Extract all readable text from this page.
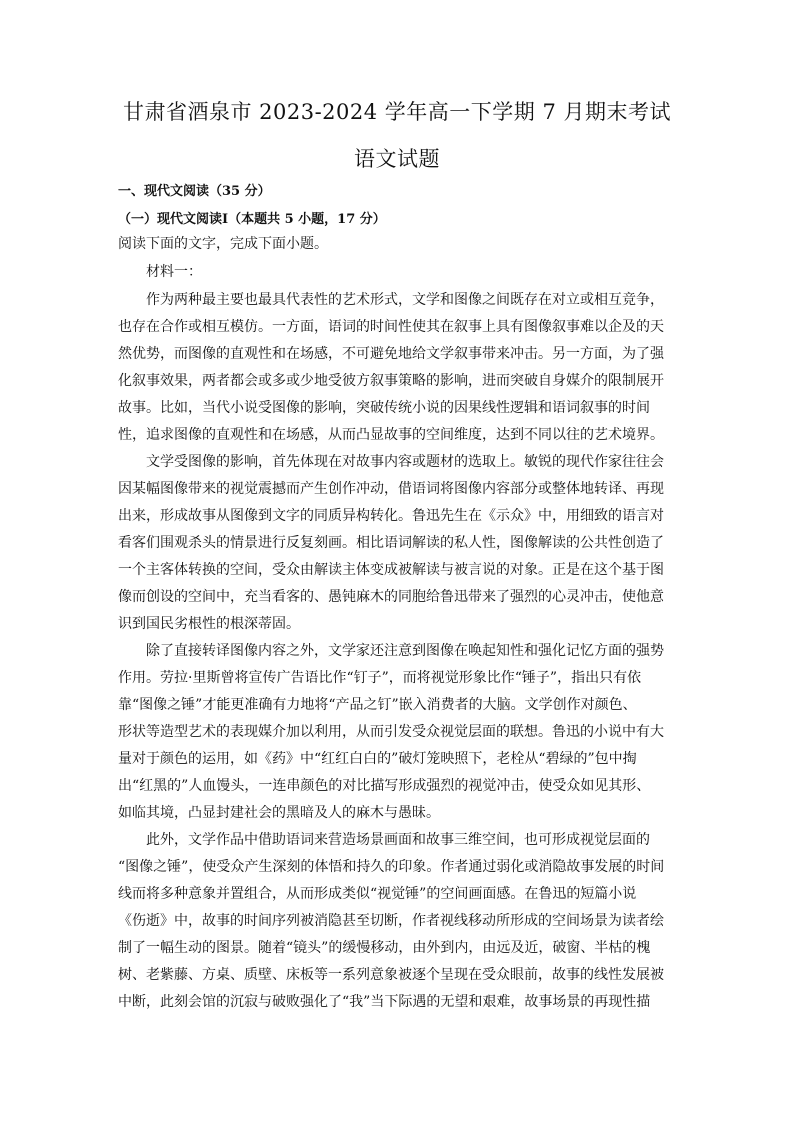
甘肃省酒泉市 2023-2024 学年高一下学期 7 月期末考试
语文试题
一、现代文阅读（35 分）
（一）现代文阅读Ⅰ（本题共 5 小题，17 分）
阅读下面的文字，完成下面小题。
材料一：
作为两种最主要也最具代表性的艺术形式，文学和图像之间既存在对立或相互竞争，
也存在合作或相互模仿。一方面，语词的时间性使其在叙事上具有图像叙事难以企及的天
然优势，而图像的直观性和在场感，不可避免地给文学叙事带来冲击。另一方面，为了强
化叙事效果，两者都会或多或少地受彼方叙事策略的影响，进而突破自身媒介的限制展开
故事。比如，当代小说受图像的影响，突破传统小说的因果线性逻辑和语词叙事的时间
性，追求图像的直观性和在场感，从而凸显故事的空间维度，达到不同以往的艺术境界。
文学受图像的影响，首先体现在对故事内容或题材的选取上。敏锐的现代作家往往会
因某幅图像带来的视觉震撼而产生创作冲动，借语词将图像内容部分或整体地转译、再现
出来，形成故事从图像到文字的同质异构转化。鲁迅先生在《示众》中，用细致的语言对
看客们围观杀头的情景进行反复刻画。相比语词解读的私人性，图像解读的公共性创造了
一个主客体转换的空间，受众由解读主体变成被解读与被言说的对象。正是在这个基于图
像而创设的空间中，充当看客的、愚钝麻木的同胞给鲁迅带来了强烈的心灵冲击，使他意
识到国民劣根性的根深蒂固。
除了直接转译图像内容之外，文学家还注意到图像在唤起知性和强化记忆方面的强势
作用。劳拉·里斯曾将宣传广告语比作“钉子”，而将视觉形象比作“锤子”，指出只有依
靠“图像之锤”才能更准确有力地将“产品之钉”嵌入消费者的大脑。文学创作对颜色、
形状等造型艺术的表现媒介加以利用，从而引发受众视觉层面的联想。鲁迅的小说中有大
量对于颜色的运用，如《药》中“红红白白的”破灯笼映照下，老栓从“碧绿的”包中掏
出“红黑的”人血馒头，一连串颜色的对比描写形成强烈的视觉冲击，使受众如见其形、
如临其境，凸显封建社会的黑暗及人的麻木与愚昧。
此外，文学作品中借助语词来营造场景画面和故事三维空间，也可形成视觉层面的
“图像之锤”，使受众产生深刻的体悟和持久的印象。作者通过弱化或消隐故事发展的时间
线而将多种意象并置组合，从而形成类似“视觉锤”的空间画面感。在鲁迅的短篇小说
《伤逝》中，故事的时间序列被消隐甚至切断，作者视线移动所形成的空间场景为读者绘
制了一幅生动的图景。随着“镜头”的缓慢移动，由外到内，由远及近，破窗、半枯的槐
树、老紫藤、方桌、质壁、床板等一系列意象被逐个呈现在受众眼前，故事的线性发展被
中断，此刻会馆的沉寂与破败强化了“我”当下际遇的无望和艰难，故事场景的再现性描
